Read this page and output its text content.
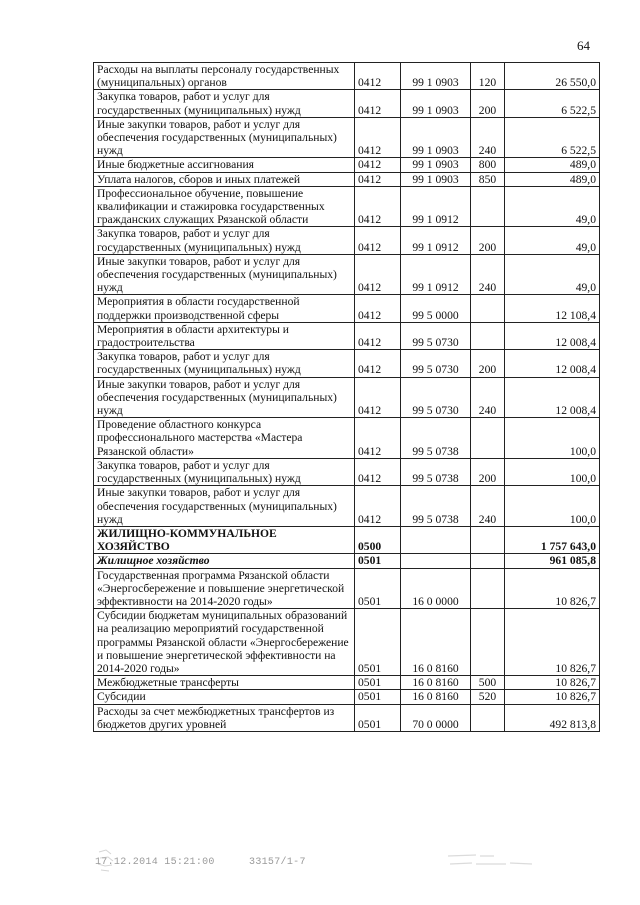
64
Расходы на выплаты персоналу государственных (муниципальных) органов	0412	99 1 0903	120	26 550,0
Закупка товаров, работ и услуг для государственных (муниципальных) нужд	0412	99 1 0903	200	6 522,5
Иные закупки товаров, работ и услуг для обеспечения государственных (муниципальных) нужд	0412	99 1 0903	240	6 522,5
Иные бюджетные ассигнования	0412	99 1 0903	800	489,0
Уплата налогов, сборов и иных платежей	0412	99 1 0903	850	489,0
Профессиональное обучение, повышение квалификации и стажировка государственных гражданских служащих Рязанской области	0412	99 1 0912		49,0
Закупка товаров, работ и услуг для государственных (муниципальных) нужд	0412	99 1 0912	200	49,0
Иные закупки товаров, работ и услуг для обеспечения государственных (муниципальных) нужд	0412	99 1 0912	240	49,0
Мероприятия в области государственной поддержки производственной сферы	0412	99 5 0000		12 108,4
Мероприятия в области архитектуры и градостроительства	0412	99 5 0730		12 008,4
Закупка товаров, работ и услуг для государственных (муниципальных) нужд	0412	99 5 0730	200	12 008,4
Иные закупки товаров, работ и услуг для обеспечения государственных (муниципальных) нужд	0412	99 5 0730	240	12 008,4
Проведение областного конкурса профессионального мастерства «Мастера Рязанской области»	0412	99 5 0738		100,0
Закупка товаров, работ и услуг для государственных (муниципальных) нужд	0412	99 5 0738	200	100,0
Иные закупки товаров, работ и услуг для обеспечения государственных (муниципальных) нужд	0412	99 5 0738	240	100,0
ЖИЛИЩНО-КОММУНАЛЬНОЕ ХОЗЯЙСТВО	0500			1 757 643,0
Жилищное хозяйство	0501			961 085,8
Государственная программа Рязанской области «Энергосбережение и повышение энергетической эффективности на 2014-2020 годы»	0501	16 0 0000		10 826,7
Субсидии бюджетам муниципальных образований на реализацию мероприятий государственной программы Рязанской области «Энергосбережение и повышение энергетической эффективности на 2014-2020 годы»	0501	16 0 8160		10 826,7
Межбюджетные трансферты	0501	16 0 8160	500	10 826,7
Субсидии	0501	16 0 8160	520	10 826,7
Расходы за счет межбюджетных трансфертов из бюджетов других уровней	0501	70 0 0000		492 813,8
17.12.2014 15:21:00	33157/1-7
